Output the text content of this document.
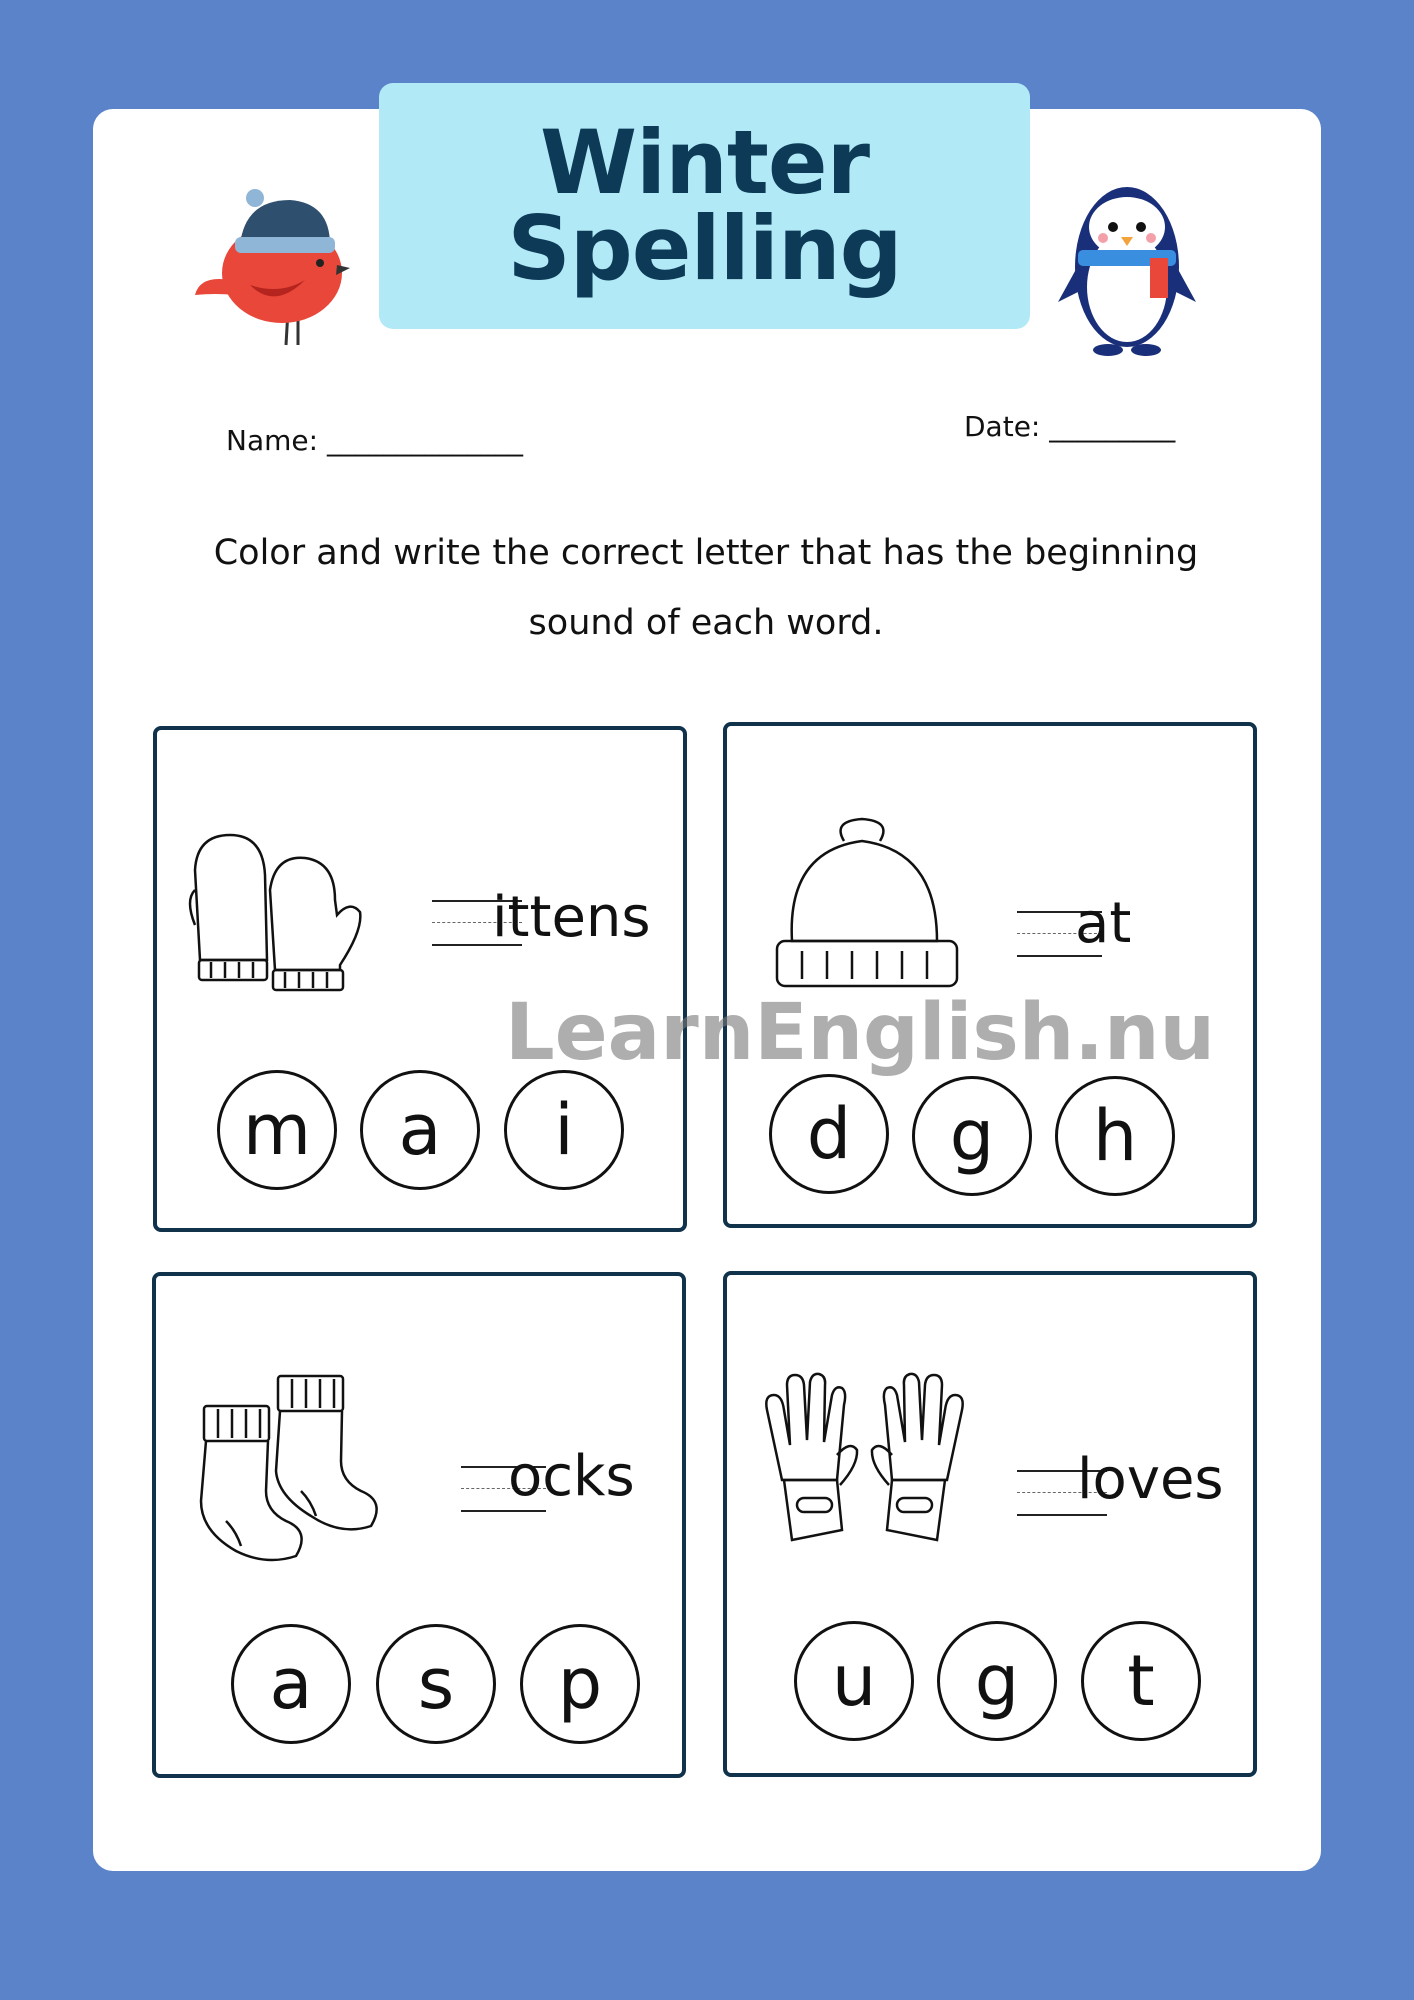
Winter
Spelling
Name: ______________	Date: _________
Color and write the correct letter that has the beginning sound of each word.
ittens
m	a	i
at
d	g	h
ocks
a	s	p
loves
u	g	t
LearnEnglish.nu
